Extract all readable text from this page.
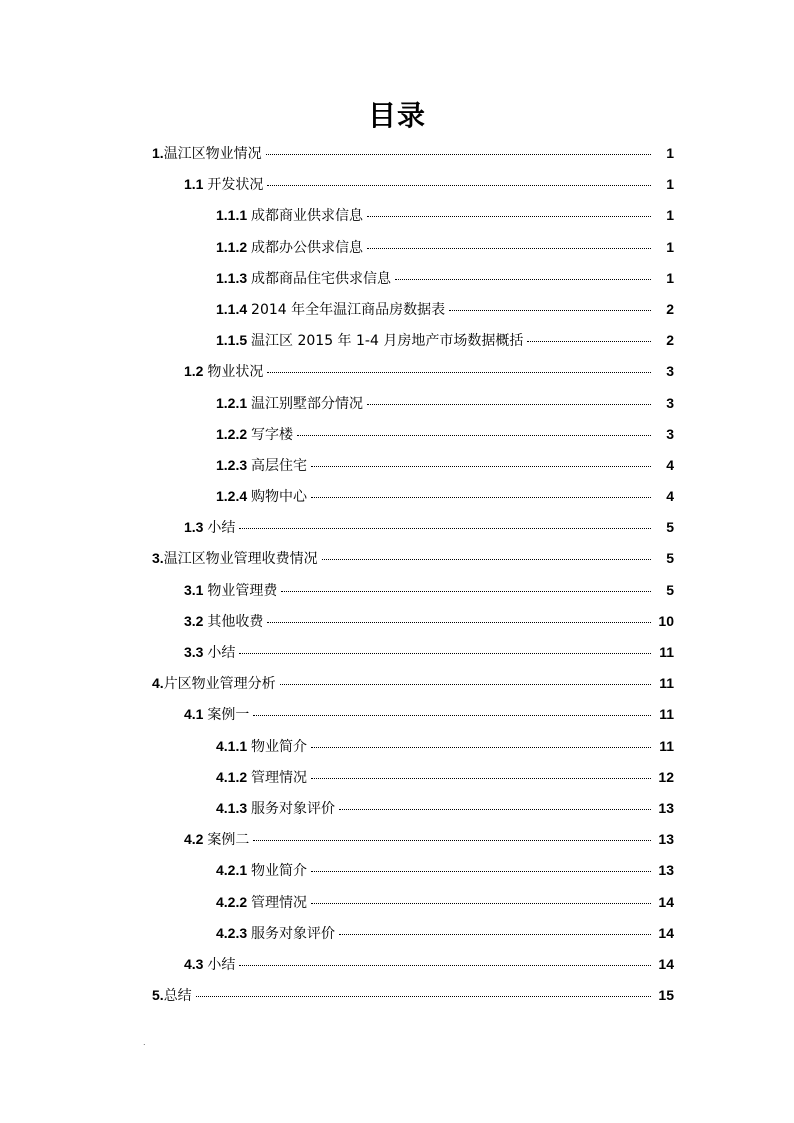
目录
1.温江区物业情况	1
1.1 开发状况	1
1.1.1 成都商业供求信息	1
1.1.2 成都办公供求信息	1
1.1.3 成都商品住宅供求信息	1
1.1.4 2014 年全年温江商品房数据表	2
1.1.5 温江区 2015 年 1-4 月房地产市场数据概括	2
1.2 物业状况	3
1.2.1 温江别墅部分情况	3
1.2.2 写字楼	3
1.2.3 高层住宅	4
1.2.4 购物中心	4
1.3 小结	5
3.温江区物业管理收费情况	5
3.1 物业管理费	5
3.2 其他收费	10
3.3 小结	11
4.片区物业管理分析	11
4.1 案例一	11
4.1.1 物业简介	11
4.1.2 管理情况	12
4.1.3 服务对象评价	13
4.2 案例二	13
4.2.1 物业简介	13
4.2.2 管理情况	14
4.2.3 服务对象评价	14
4.3 小结	14
5.总结	15
.
